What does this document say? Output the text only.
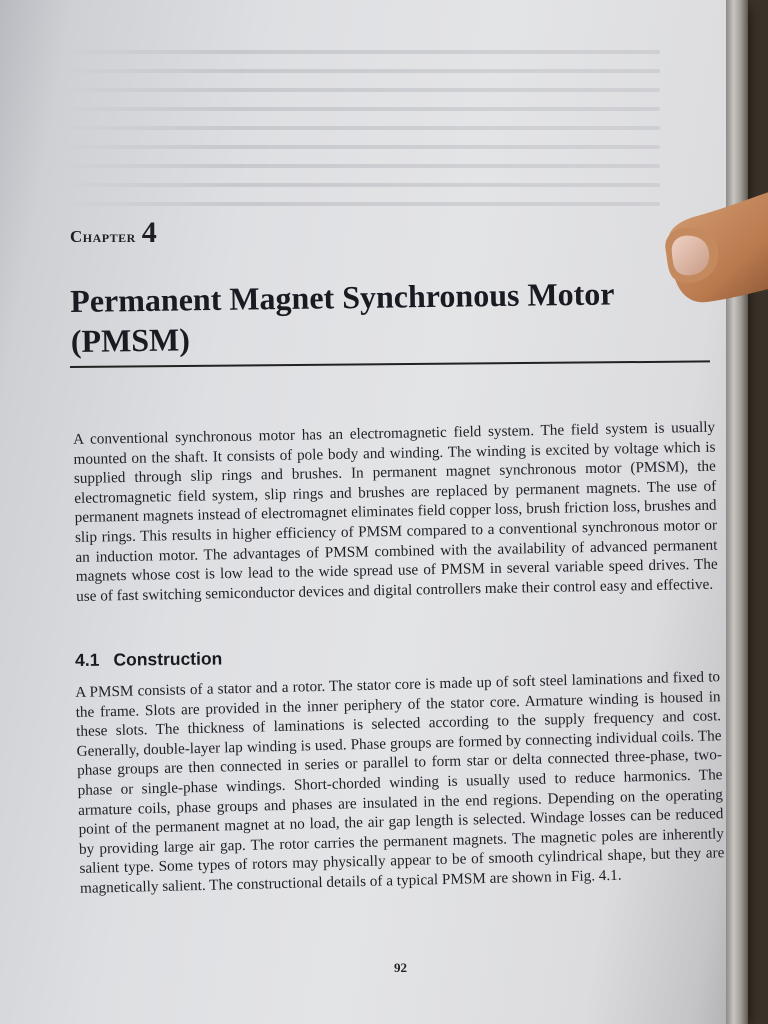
Chapter 4
Permanent Magnet Synchronous Motor (PMSM)

A conventional synchronous motor has an electromagnetic field system. The field system is usually mounted on the shaft. It consists of pole body and winding. The winding is excited by voltage which is supplied through slip rings and brushes. In permanent magnet synchronous motor (PMSM), the electromagnetic field system, slip rings and brushes are replaced by permanent magnets. The use of permanent magnets instead of electromagnet eliminates field copper loss, brush friction loss, brushes and slip rings. This results in higher efficiency of PMSM compared to a conventional synchronous motor or an induction motor. The advantages of PMSM combined with the availability of advanced permanent magnets whose cost is low lead to the wide spread use of PMSM in several variable speed drives. The use of fast switching semiconductor devices and digital controllers make their control easy and effective.

4.1 Construction

A PMSM consists of a stator and a rotor. The stator core is made up of soft steel laminations and fixed to the frame. Slots are provided in the inner periphery of the stator core. Armature winding is housed in these slots. The thickness of laminations is selected according to the supply frequency and cost. Generally, double-layer lap winding is used. Phase groups are formed by connecting individual coils. The phase groups are then connected in series or parallel to form star or delta connected three-phase, two-phase or single-phase windings. Short-chorded winding is usually used to reduce harmonics. The armature coils, phase groups and phases are insulated in the end regions. Depending on the operating point of the permanent magnet at no load, the air gap length is selected. Windage losses can be reduced by providing large air gap. The rotor carries the permanent magnets. The magnetic poles are inherently salient type. Some types of rotors may physically appear to be of smooth cylindrical shape, but they are magnetically salient. The constructional details of a typical PMSM are shown in Fig. 4.1.

92
